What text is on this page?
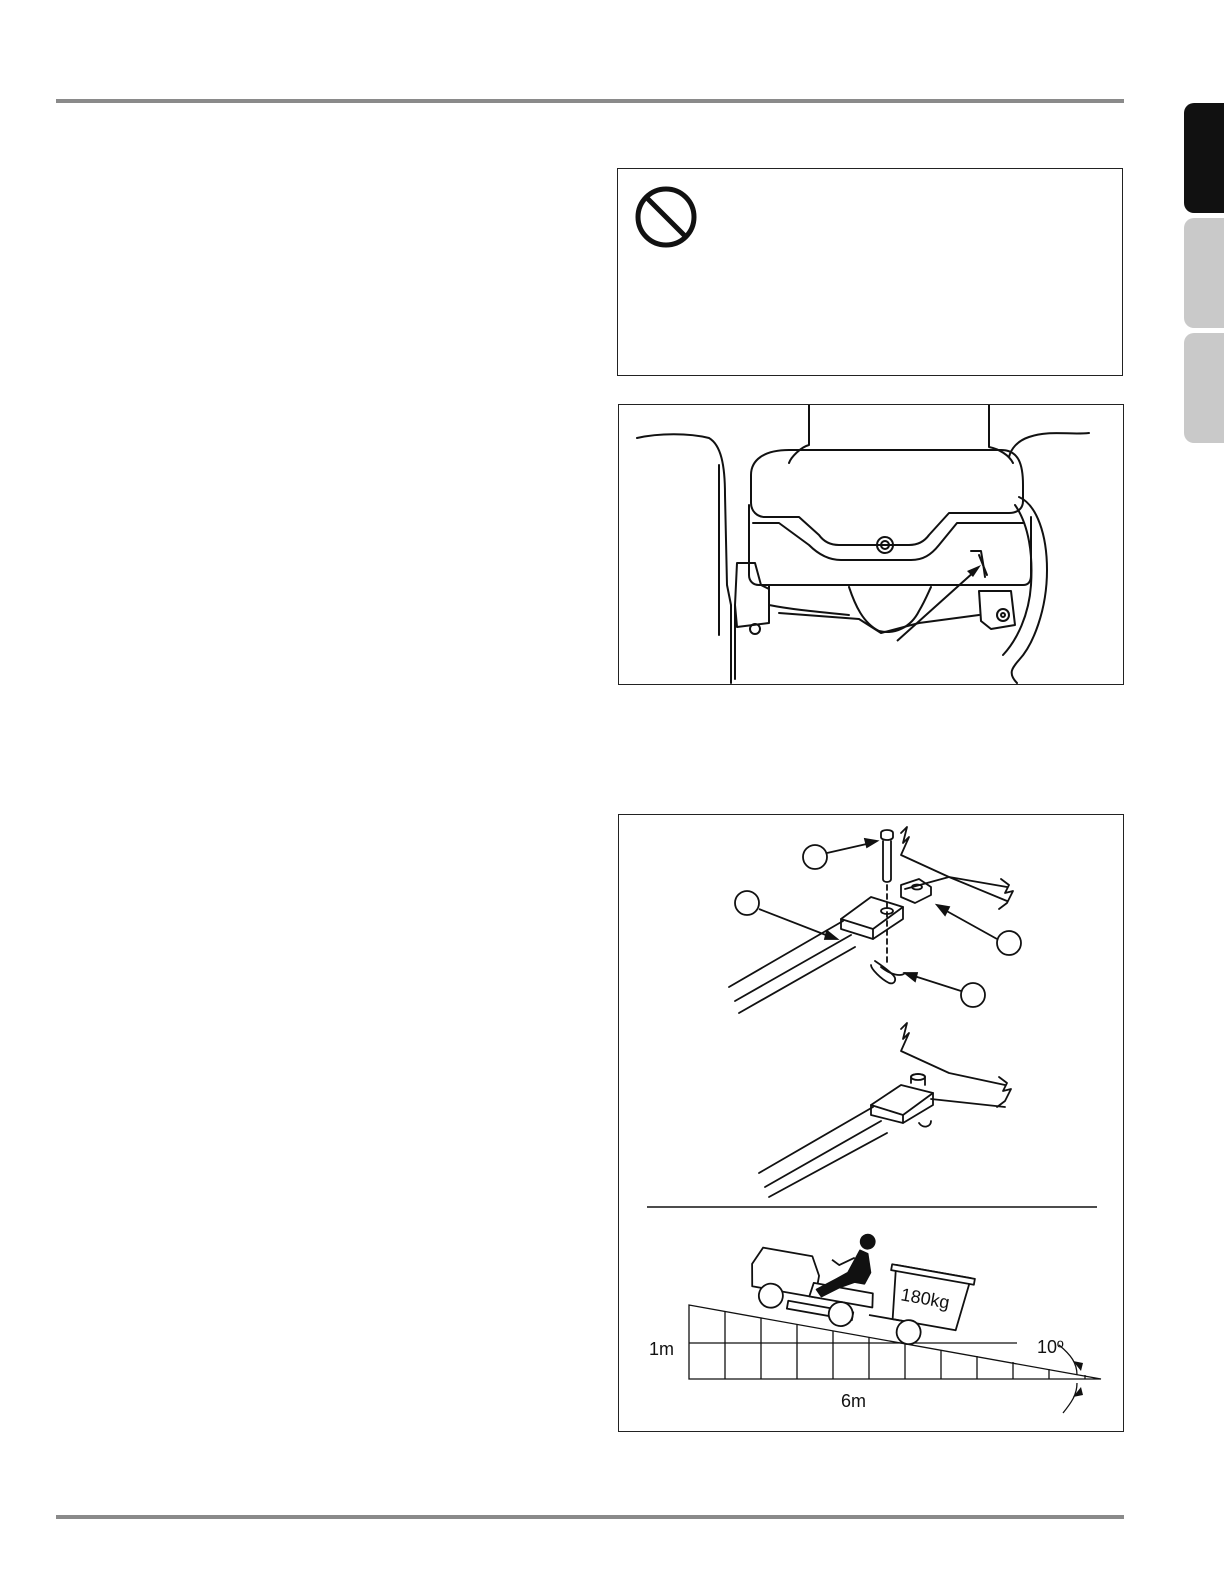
180kg
1m
6m
10º
